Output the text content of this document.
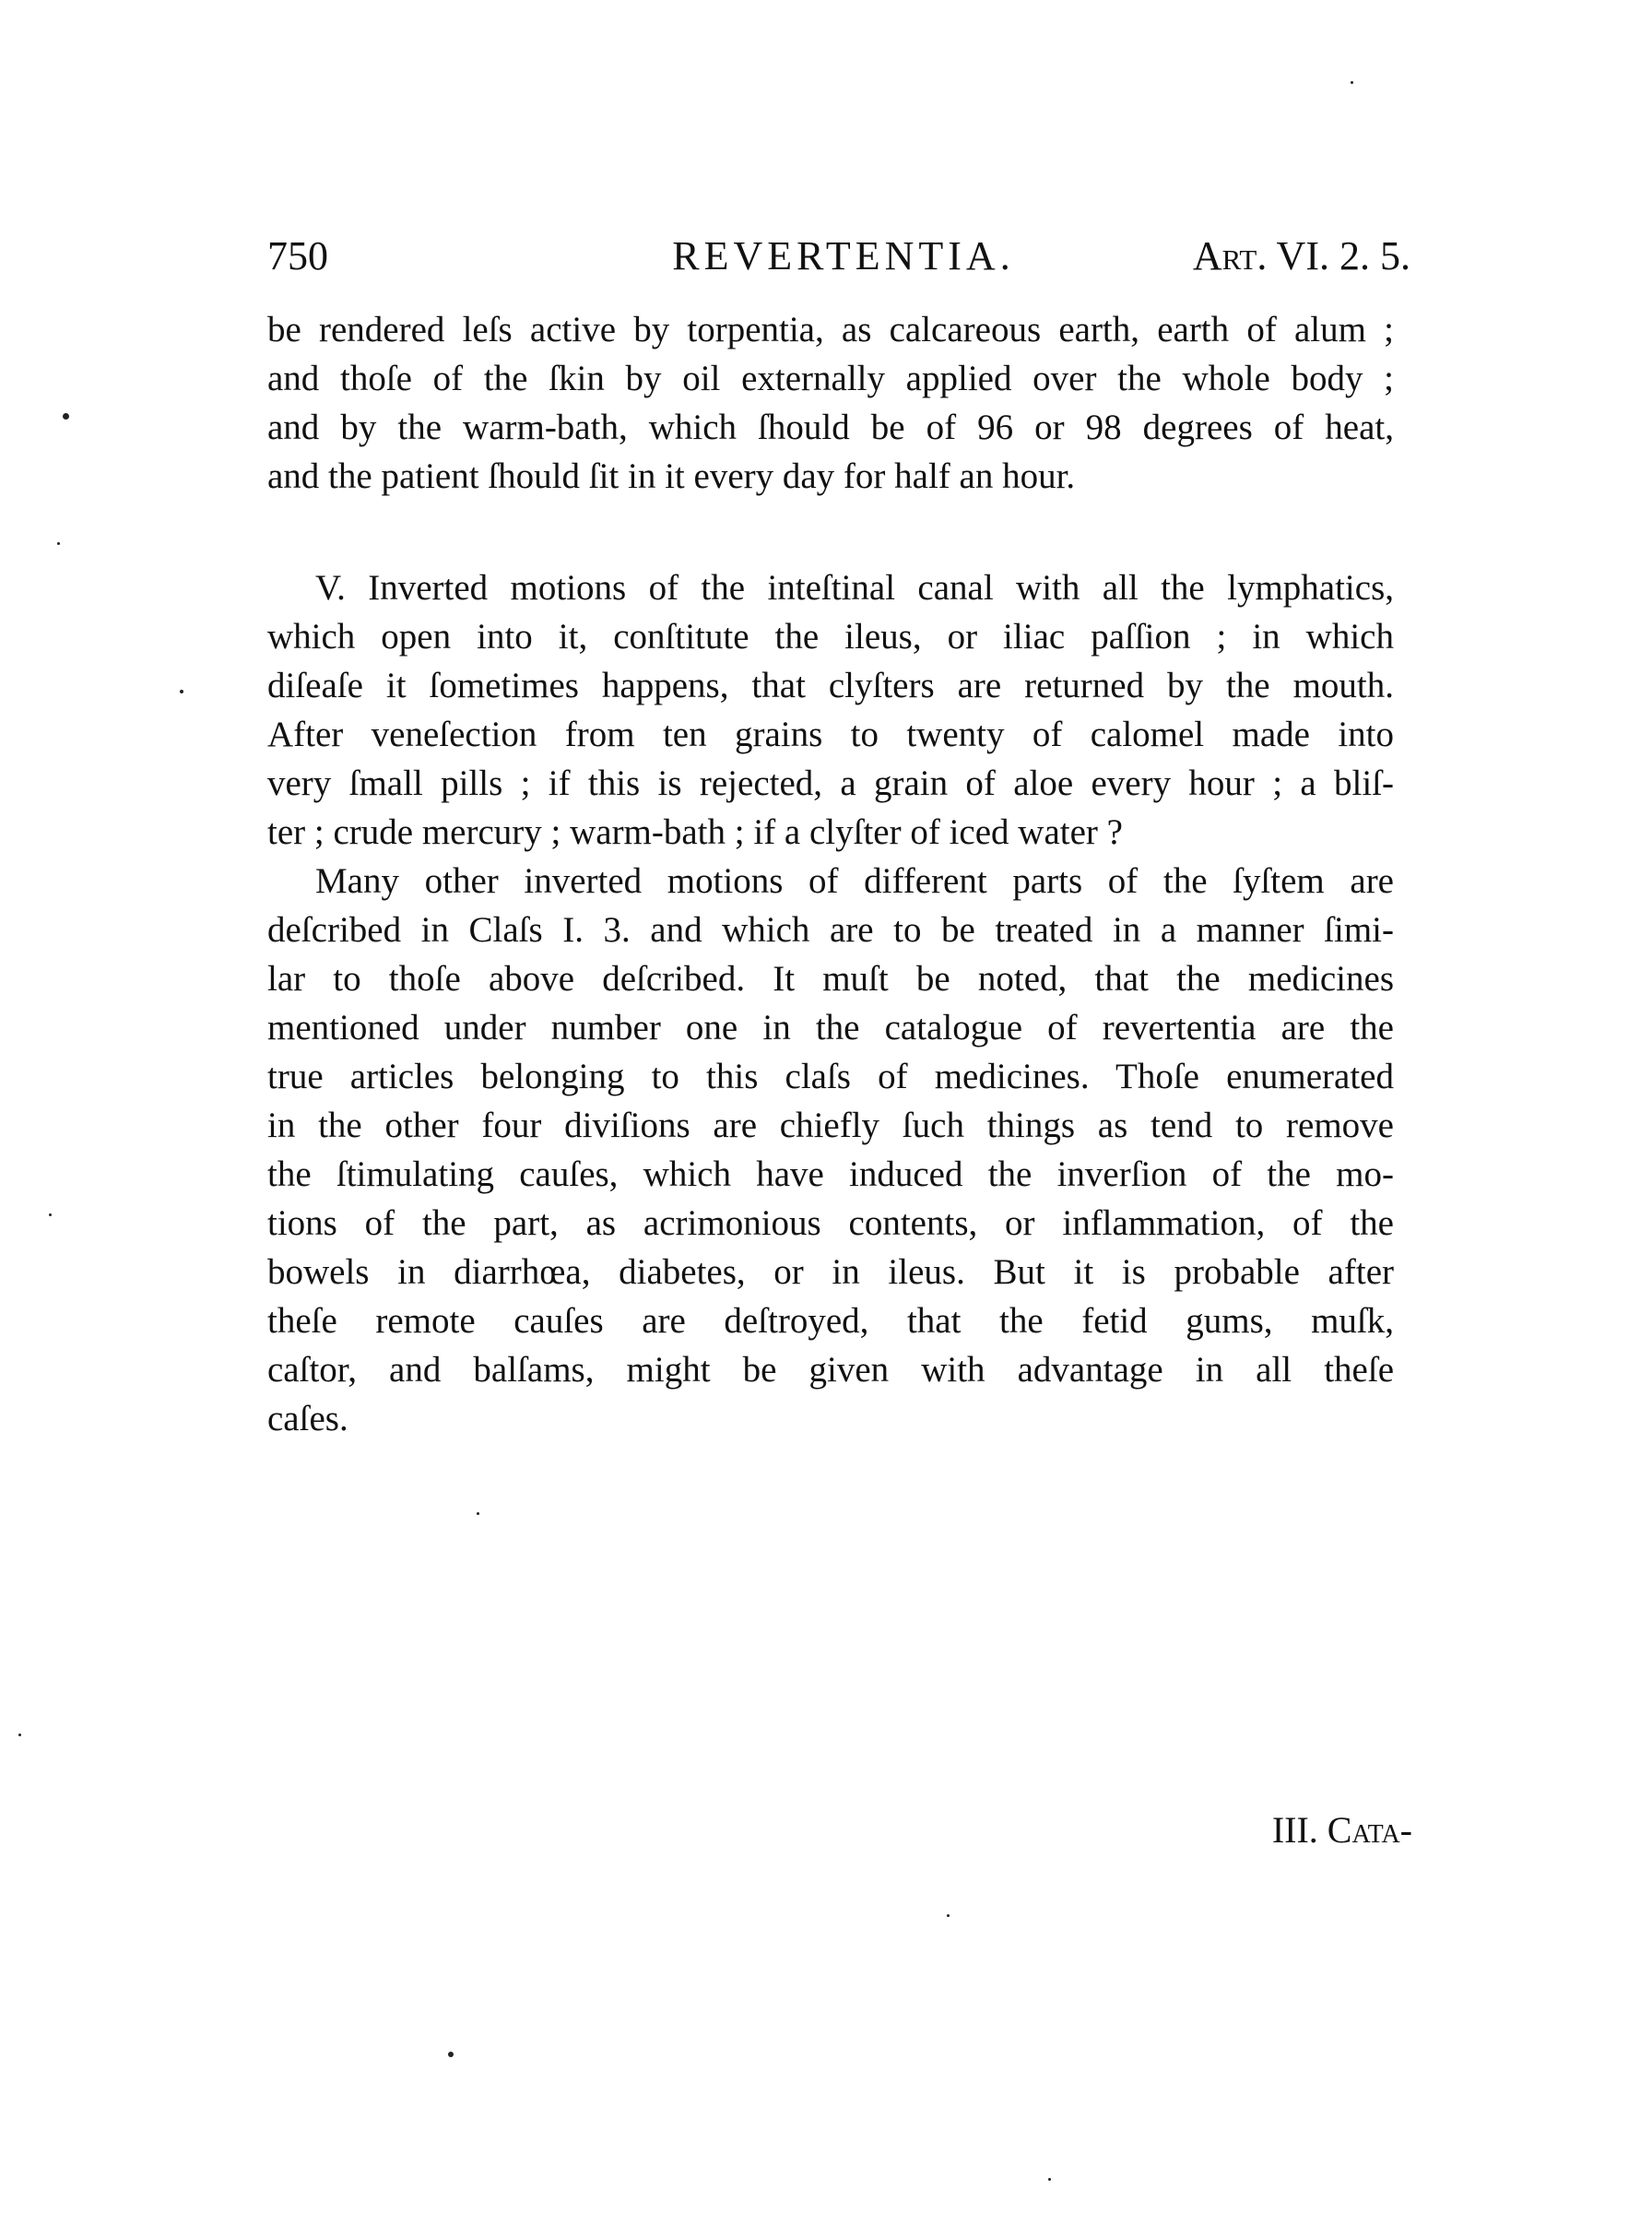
750	REVERTENTIA.	Art. VI. 2. 5.
be rendered leſs active by torpentia, as calcareous earth, earth of alum ;
and thoſe of the ſkin by oil externally applied over the whole body ;
and by the warm-bath, which ſhould be of 96 or 98 degrees of heat,
and the patient ſhould ſit in it every day for half an hour.
V. Inverted motions of the inteſtinal canal with all the lymphatics,
which open into it, conſtitute the ileus, or iliac paſſion ; in which
diſeaſe it ſometimes happens, that clyſters are returned by the mouth.
After veneſection from ten grains to twenty of calomel made into
very ſmall pills ; if this is rejected, a grain of aloe every hour ; a bliſ-
ter ; crude mercury ; warm-bath ; if a clyſter of iced water ?
Many other inverted motions of different parts of the ſyſtem are
deſcribed in Claſs I. 3. and which are to be treated in a manner ſimi-
lar to thoſe above deſcribed. It muſt be noted, that the medicines
mentioned under number one in the catalogue of revertentia are the
true articles belonging to this claſs of medicines. Thoſe enumerated
in the other four diviſions are chiefly ſuch things as tend to remove
the ſtimulating cauſes, which have induced the inverſion of the mo-
tions of the part, as acrimonious contents, or inflammation, of the
bowels in diarrhœa, diabetes, or in ileus. But it is probable after
theſe remote cauſes are deſtroyed, that the fetid gums, muſk,
caſtor, and balſams, might be given with advantage in all theſe
caſes.
III. Cata-
